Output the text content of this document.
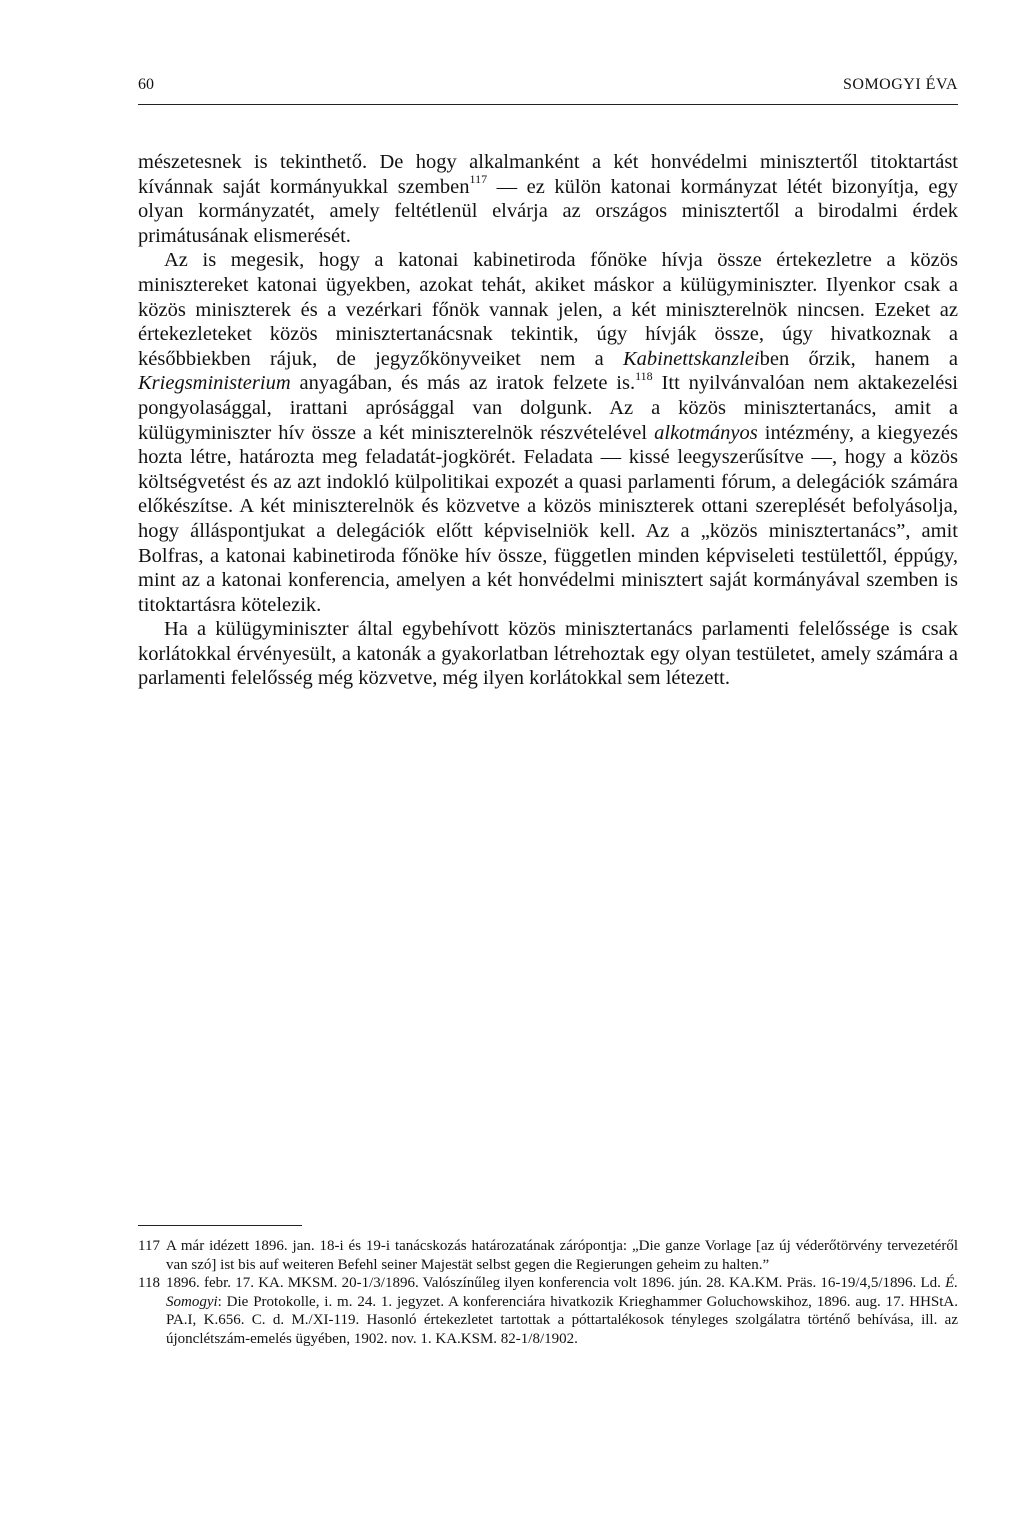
60	SOMOGYI ÉVA

mészetesnek is tekinthető. De hogy alkalmanként a két honvédelmi minisztertől titoktartást kívánnak saját kormányukkal szemben$^{117}$ — ez külön katonai kormányzat létét bizonyítja, egy olyan kormányzatét, amely feltétlenül elvárja az országos minisztertől a birodalmi érdek primátusának elismerését.

Az is megesik, hogy a katonai kabinetiroda főnöke hívja össze értekezletre a közös minisztereket katonai ügyekben, azokat tehát, akiket máskor a külügyminiszter. Ilyenkor csak a közös miniszterek és a vezérkari főnök vannak jelen, a két miniszterelnök nincsen. Ezeket az értekezleteket közös minisztertanácsnak tekintik, úgy hívják össze, úgy hivatkoznak a későbbiekben rájuk, de jegyzőkönyveiket nem a Kabinettskanzleiben őrzik, hanem a Kriegsministerium anyagában, és más az iratok felzete is.$^{118}$ Itt nyilvánvalóan nem aktakezelési pongyolasággal, irattani aprósággal van dolgunk. Az a közös minisztertanács, amit a külügyminiszter hív össze a két miniszterelnök részvételével alkotmányos intézmény, a kiegyezés hozta létre, határozta meg feladatát-jogkörét. Feladata — kissé leegyszerűsítve —, hogy a közös költségvetést és az azt indokló külpolitikai expozét a quasi parlamenti fórum, a delegációk számára előkészítse. A két miniszterelnök és közvetve a közös miniszterek ottani szereplését befolyásolja, hogy álláspontjukat a delegációk előtt képviselniök kell. Az a „közös minisztertanács”, amit Bolfras, a katonai kabinetiroda főnöke hív össze, független minden képviseleti testülettől, éppúgy, mint az a katonai konferencia, amelyen a két honvédelmi minisztert saját kormányával szemben is titoktartásra kötelezik.

Ha a külügyminiszter által egybehívott közös minisztertanács parlamenti felelőssége is csak korlátokkal érvényesült, a katonák a gyakorlatban létrehoztak egy olyan testületet, amely számára a parlamenti felelősség még közvetve, még ilyen korlátokkal sem létezett.

117 A már idézett 1896. jan. 18-i és 19-i tanácskozás határozatának zárópontja: „Die ganze Vorlage [az új véderőtörvény tervezetéről van szó] ist bis auf weiteren Befehl seiner Majestät selbst gegen die Regierungen geheim zu halten.”
118 1896. febr. 17. KA. MKSM. 20-1/3/1896. Valószínűleg ilyen konferencia volt 1896. jún. 28. KA.KM. Präs. 16-19/4,5/1896. Ld. É. Somogyi: Die Protokolle, i. m. 24. 1. jegyzet. A konferenciára hivatkozik Krieghammer Goluchowskihoz, 1896. aug. 17. HHStA. PA.I, K.656. C. d. M./XI-119. Hasonló értekezletet tartottak a póttartalékosok tényleges szolgálatra történő behívása, ill. az újonclétszám-emelés ügyében, 1902. nov. 1. KA.KSM. 82-1/8/1902.
